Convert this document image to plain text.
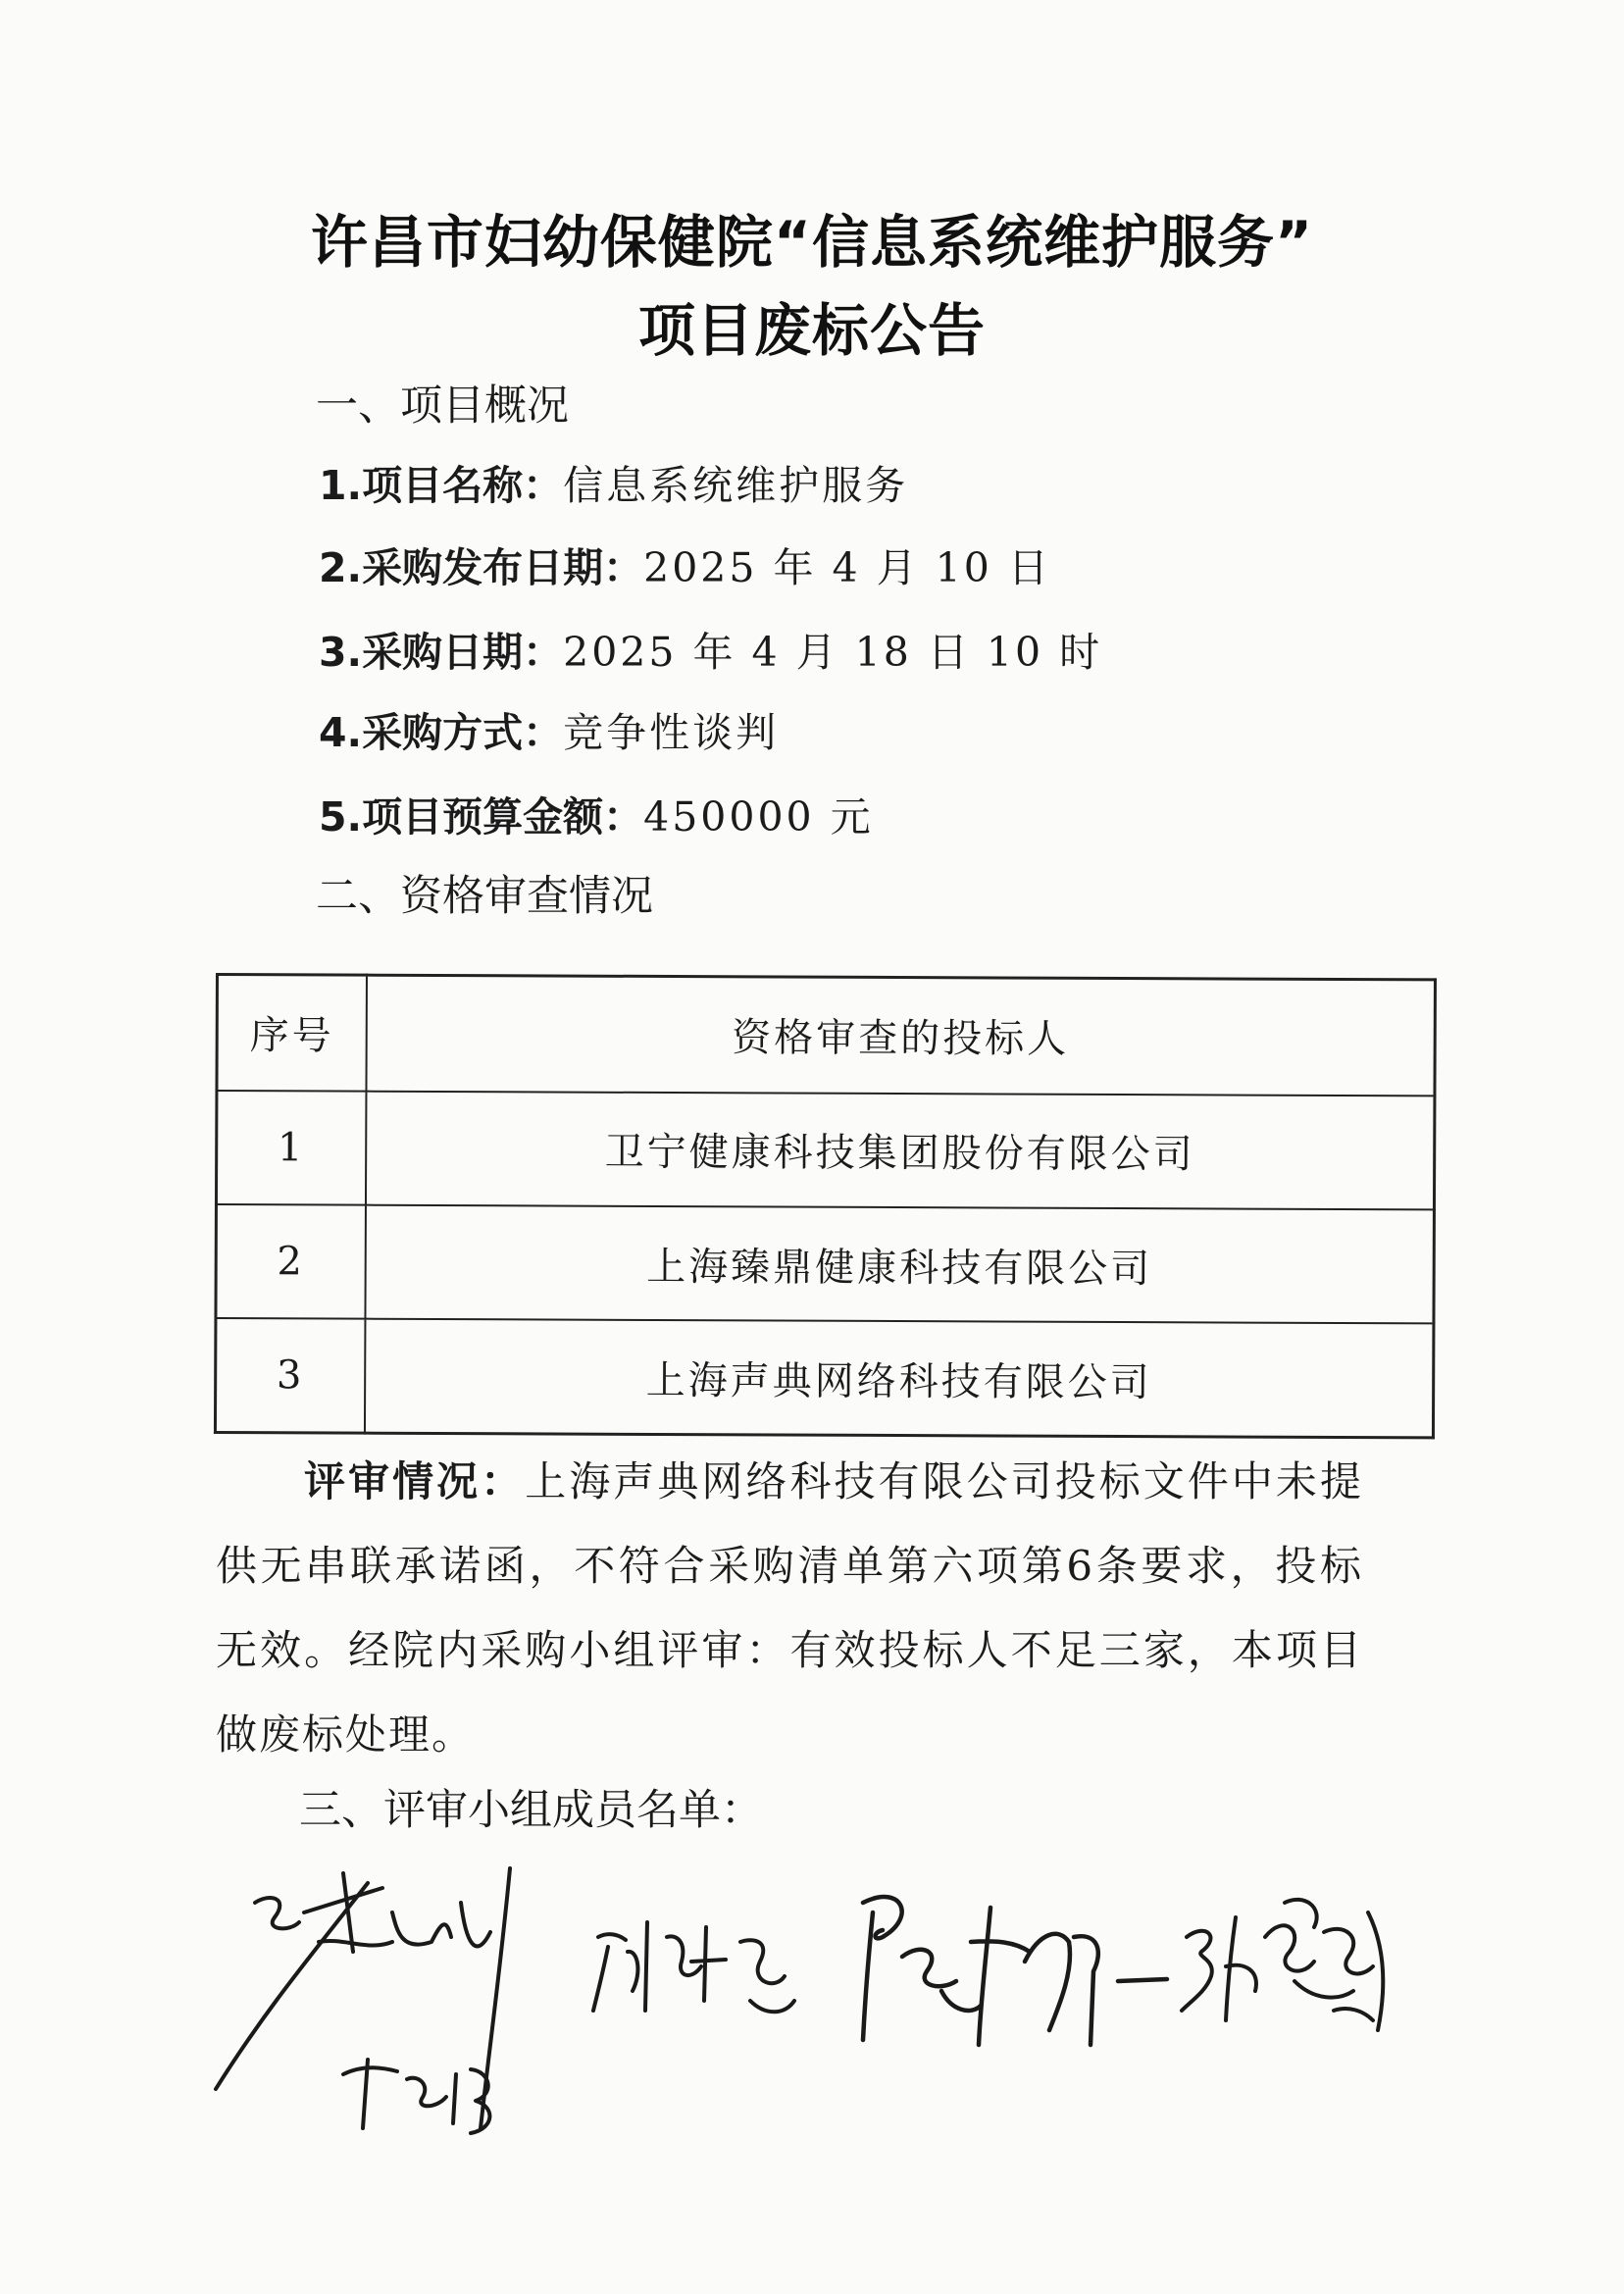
许昌市妇幼保健院“信息系统维护服务”
项目废标公告
一、项目概况
1.项目名称：信息系统维护服务
2.采购发布日期：2025 年 4 月 10 日
3.采购日期：2025 年 4 月 18 日 10 时
4.采购方式：竞争性谈判
5.项目预算金额：450000 元
二、资格审查情况
序号	资格审查的投标人
1	卫宁健康科技集团股份有限公司
2	上海臻鼎健康科技有限公司
3	上海声典网络科技有限公司
评审情况：上海声典网络科技有限公司投标文件中未提供无串联承诺函，不符合采购清单第六项第6条要求，投标无效。经院内采购小组评审：有效投标人不足三家，本项目做废标处理。
三、评审小组成员名单：
